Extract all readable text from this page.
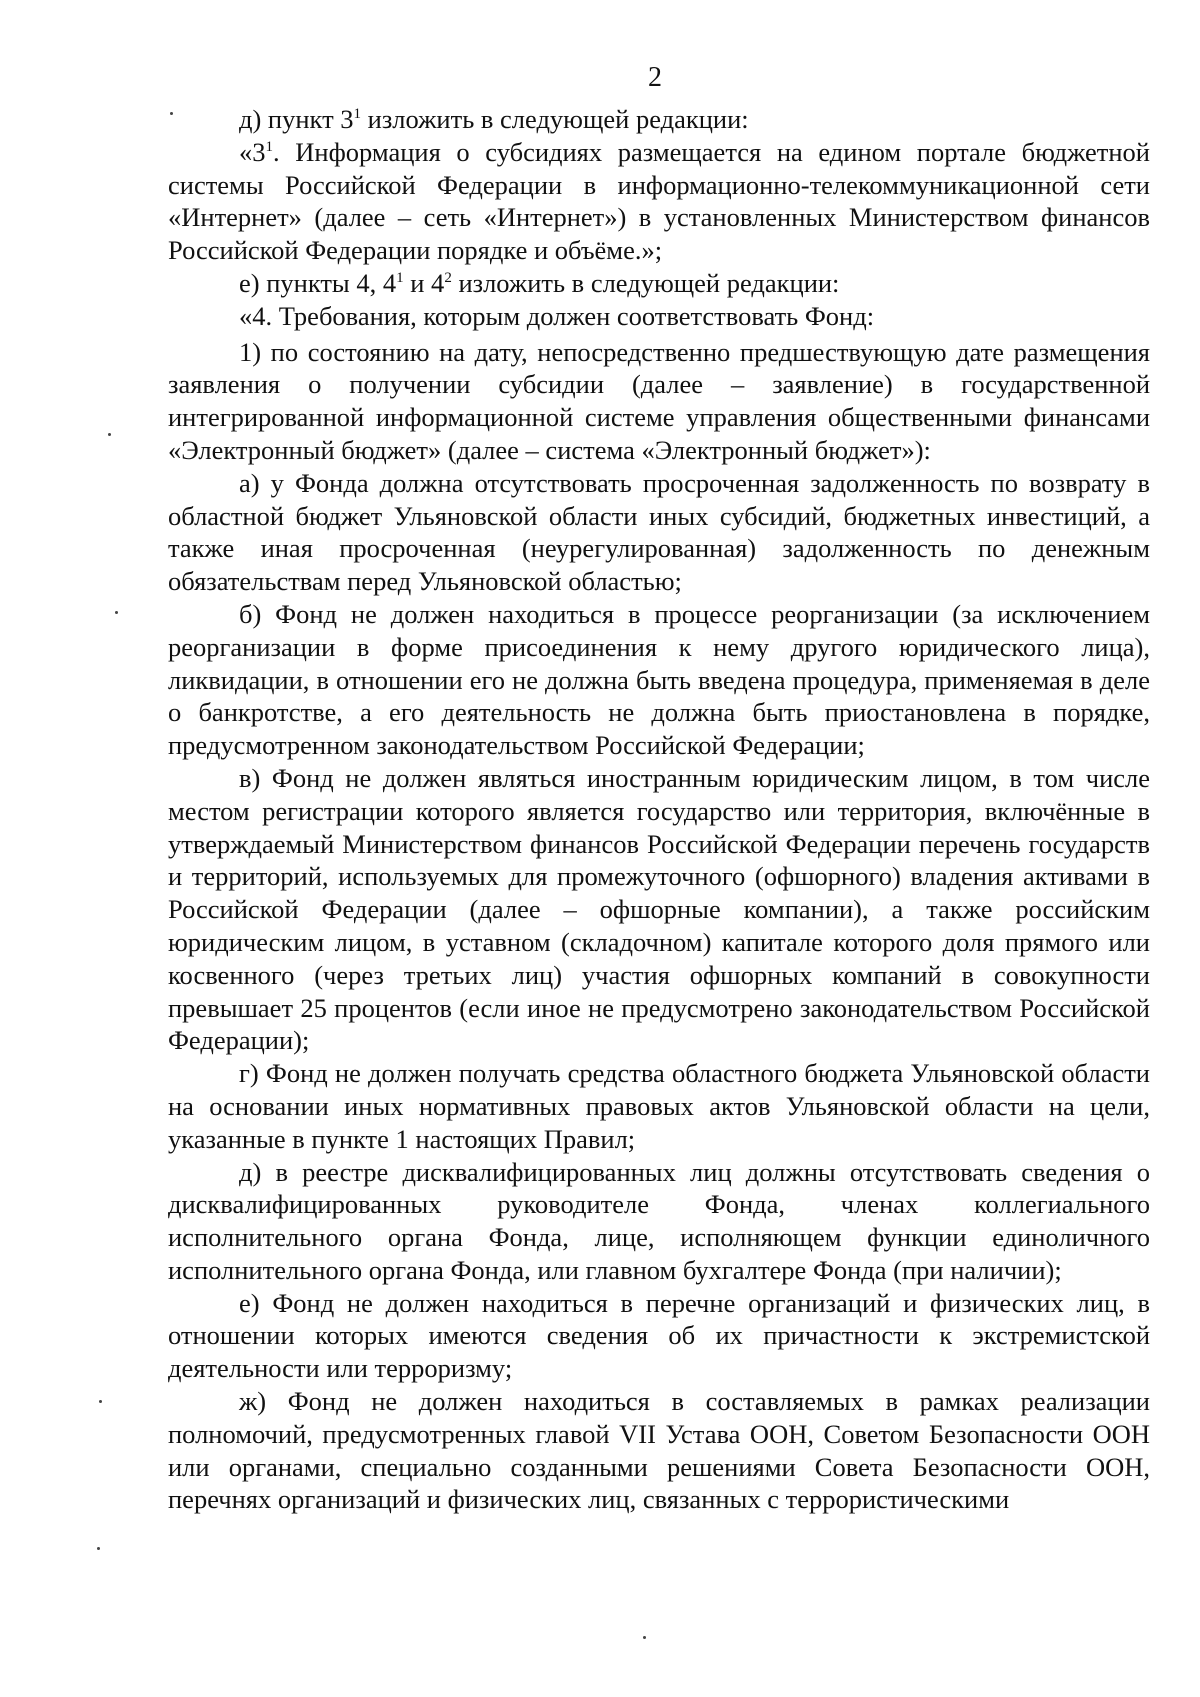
2

д) пункт $3^1$ изложить в следующей редакции:

«$3^1$. Информация о субсидиях размещается на едином портале бюджетной системы Российской Федерации в информационно-телекоммуникационной сети «Интернет» (далее – сеть «Интернет») в установленных Министерством финансов Российской Федерации порядке и объёме.»;

е) пункты 4, $4^1$ и $4^2$ изложить в следующей редакции:

«4. Требования, которым должен соответствовать Фонд:

1) по состоянию на дату, непосредственно предшествующую дате размещения заявления о получении субсидии (далее – заявление) в государственной интегрированной информационной системе управления общественными финансами «Электронный бюджет» (далее – система «Электронный бюджет»):

а) у Фонда должна отсутствовать просроченная задолженность по возврату в областной бюджет Ульяновской области иных субсидий, бюджетных инвестиций, а также иная просроченная (неурегулированная) задолженность по денежным обязательствам перед Ульяновской областью;

б) Фонд не должен находиться в процессе реорганизации (за исключением реорганизации в форме присоединения к нему другого юридического лица), ликвидации, в отношении его не должна быть введена процедура, применяемая в деле о банкротстве, а его деятельность не должна быть приостановлена в порядке, предусмотренном законодательством Российской Федерации;

в) Фонд не должен являться иностранным юридическим лицом, в том числе местом регистрации которого является государство или территория, включённые в утверждаемый Министерством финансов Российской Федерации перечень государств и территорий, используемых для промежуточного (офшорного) владения активами в Российской Федерации (далее – офшорные компании), а также российским юридическим лицом, в уставном (складочном) капитале которого доля прямого или косвенного (через третьих лиц) участия офшорных компаний в совокупности превышает 25 процентов (если иное не предусмотрено законодательством Российской Федерации);

г) Фонд не должен получать средства областного бюджета Ульяновской области на основании иных нормативных правовых актов Ульяновской области на цели, указанные в пункте 1 настоящих Правил;

д) в реестре дисквалифицированных лиц должны отсутствовать сведения о дисквалифицированных руководителе Фонда, членах коллегиального исполнительного органа Фонда, лице, исполняющем функции единоличного исполнительного органа Фонда, или главном бухгалтере Фонда (при наличии);

е) Фонд не должен находиться в перечне организаций и физических лиц, в отношении которых имеются сведения об их причастности к экстремистской деятельности или терроризму;

ж) Фонд не должен находиться в составляемых в рамках реализации полномочий, предусмотренных главой VII Устава ООН, Советом Безопасности ООН или органами, специально созданными решениями Совета Безопасности ООН, перечнях организаций и физических лиц, связанных с террористическими
